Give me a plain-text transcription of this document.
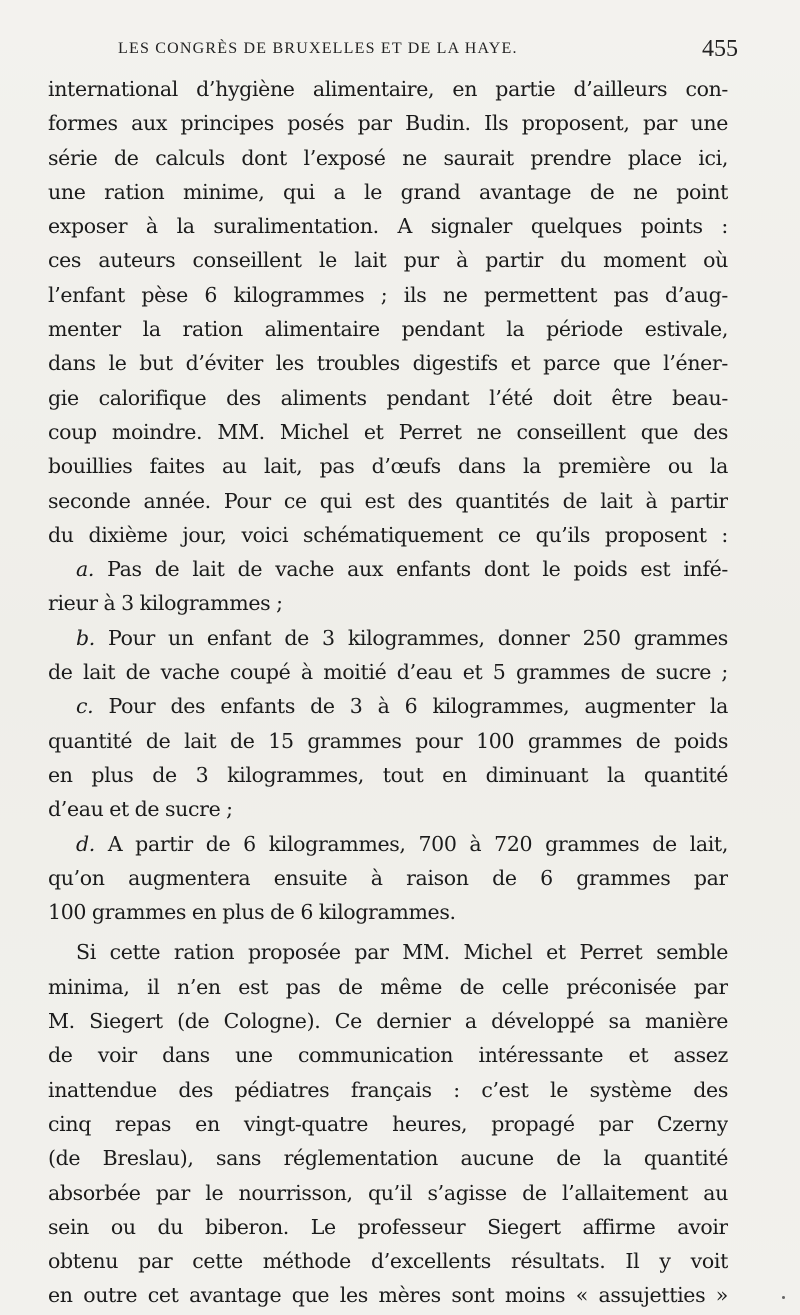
LES CONGRÈS DE BRUXELLES ET DE LA HAYE.	455
international d’hygiène alimentaire, en partie d’ailleurs con-
formes aux principes posés par Budin. Ils proposent, par une
série de calculs dont l’exposé ne saurait prendre place ici,
une ration minime, qui a le grand avantage de ne point
exposer à la suralimentation. A signaler quelques points :
ces auteurs conseillent le lait pur à partir du moment où
l’enfant pèse 6 kilogrammes ; ils ne permettent pas d’aug-
menter la ration alimentaire pendant la période estivale,
dans le but d’éviter les troubles digestifs et parce que l’éner-
gie calorifique des aliments pendant l’été doit être beau-
coup moindre. MM. Michel et Perret ne conseillent que des
bouillies faites au lait, pas d’œufs dans la première ou la
seconde année. Pour ce qui est des quantités de lait à partir
du dixième jour, voici schématiquement ce qu’ils proposent :
a. Pas de lait de vache aux enfants dont le poids est infé-
rieur à 3 kilogrammes ;
b. Pour un enfant de 3 kilogrammes, donner 250 grammes
de lait de vache coupé à moitié d’eau et 5 grammes de sucre ;
c. Pour des enfants de 3 à 6 kilogrammes, augmenter la
quantité de lait de 15 grammes pour 100 grammes de poids
en plus de 3 kilogrammes, tout en diminuant la quantité
d’eau et de sucre ;
d. A partir de 6 kilogrammes, 700 à 720 grammes de lait,
qu’on augmentera ensuite à raison de 6 grammes par
100 grammes en plus de 6 kilogrammes.
Si cette ration proposée par MM. Michel et Perret semble
minima, il n’en est pas de même de celle préconisée par
M. Siegert (de Cologne). Ce dernier a développé sa manière
de voir dans une communication intéressante et assez
inattendue des pédiatres français : c’est le système des
cinq repas en vingt-quatre heures, propagé par Czerny
(de Breslau), sans réglementation aucune de la quantité
absorbée par le nourrisson, qu’il s’agisse de l’allaitement au
sein ou du biberon. Le professeur Siegert affirme avoir
obtenu par cette méthode d’excellents résultats. Il y voit
en outre cet avantage que les mères sont moins « assujetties »
